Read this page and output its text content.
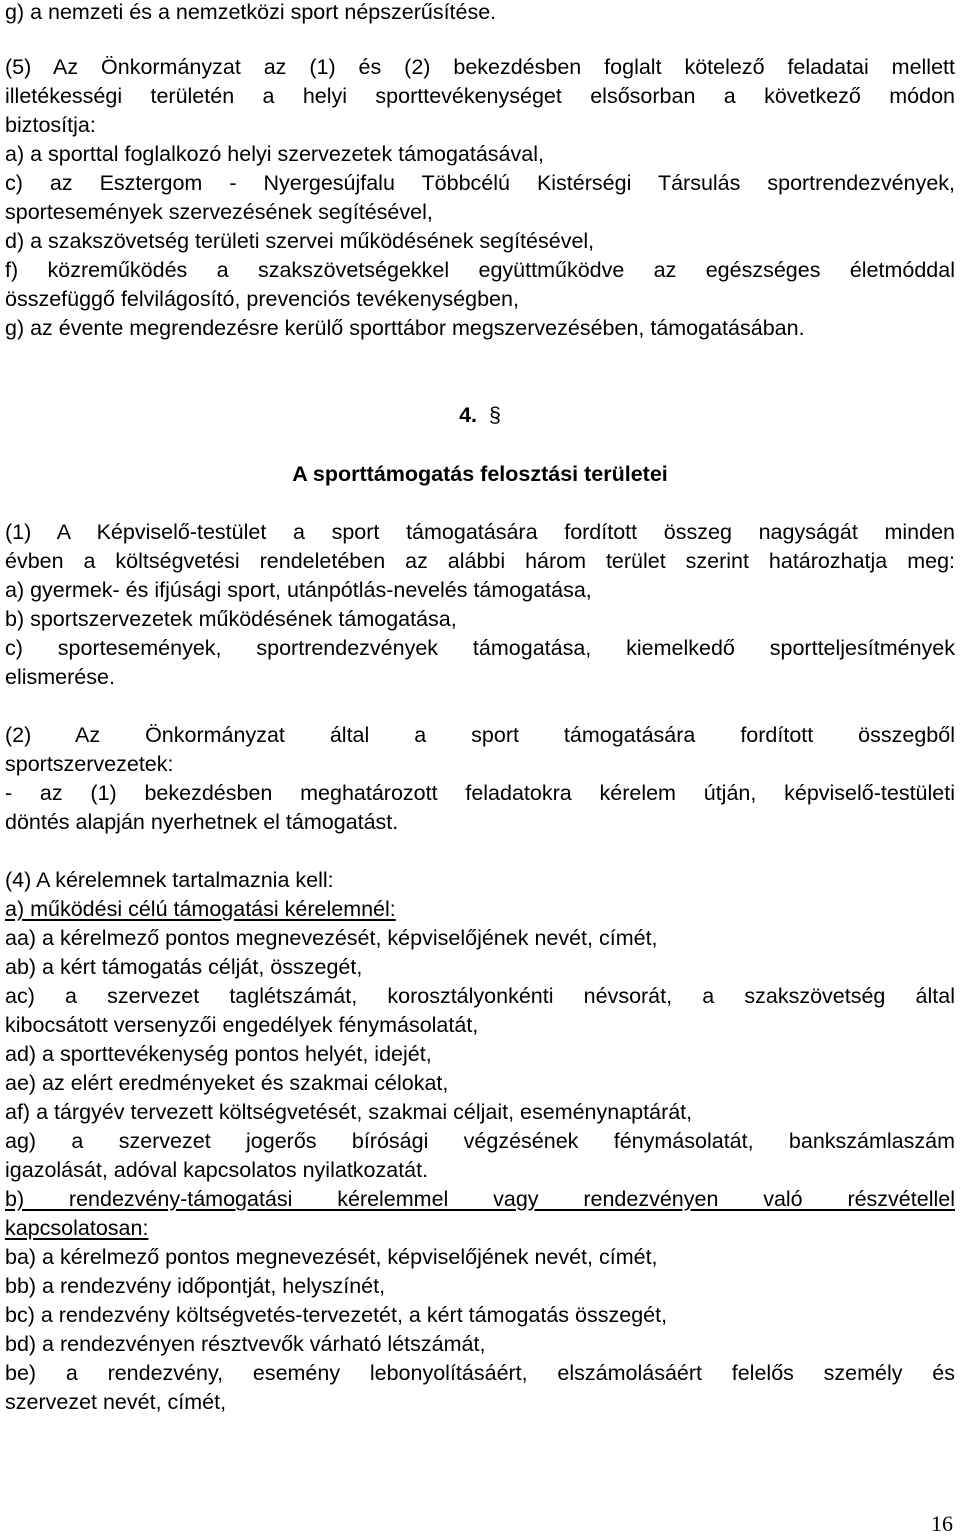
g) a nemzeti és a nemzetközi sport népszerűsítése.
(5) Az Önkormányzat az (1) és (2) bekezdésben foglalt kötelező feladatai mellett
illetékességi területén a helyi sporttevékenységet elsősorban a következő módon
biztosítja:
a) a sporttal foglalkozó helyi szervezetek támogatásával,
c) az Esztergom - Nyergesújfalu Többcélú Kistérségi Társulás sportrendezvények,
sportesemények szervezésének segítésével,
d) a szakszövetség területi szervei működésének segítésével,
f) közreműködés a szakszövetségekkel együttműködve az egészséges életmóddal
összefüggő felvilágosító, prevenciós tevékenységben,
g) az évente megrendezésre kerülő sporttábor megszervezésében, támogatásában.
4.  §
A sporttámogatás felosztási területei
(1) A Képviselő-testület a sport támogatására fordított összeg nagyságát minden
évben a költségvetési rendeletében az alábbi három terület szerint határozhatja meg:
a) gyermek- és ifjúsági sport, utánpótlás-nevelés támogatása,
b) sportszervezetek működésének támogatása,
c) sportesemények, sportrendezvények támogatása, kiemelkedő sportteljesítmények
elismerése.
(2) Az Önkormányzat által a sport támogatására fordított összegből
sportszervezetek:
- az (1) bekezdésben meghatározott feladatokra kérelem útján, képviselő-testületi
döntés alapján nyerhetnek el támogatást.
(4) A kérelemnek tartalmaznia kell:
a) működési célú támogatási kérelemnél:
aa) a kérelmező pontos megnevezését, képviselőjének nevét, címét,
ab) a kért támogatás célját, összegét,
ac) a szervezet taglétszámát, korosztályonkénti névsorát, a szakszövetség által
kibocsátott versenyzői engedélyek fénymásolatát,
ad) a sporttevékenység pontos helyét, idejét,
ae) az elért eredményeket és szakmai célokat,
af) a tárgyév tervezett költségvetését, szakmai céljait, eseménynaptárát,
ag) a szervezet jogerős bírósági végzésének fénymásolatát, bankszámlaszám
igazolását, adóval kapcsolatos nyilatkozatát.
b) rendezvény-támogatási kérelemmel vagy rendezvényen való részvétellel
kapcsolatosan:
ba) a kérelmező pontos megnevezését, képviselőjének nevét, címét,
bb) a rendezvény időpontját, helyszínét,
bc) a rendezvény költségvetés-tervezetét, a kért támogatás összegét,
bd) a rendezvényen résztvevők várható létszámát,
be) a rendezvény, esemény lebonyolításáért, elszámolásáért felelős személy és
szervezet nevét, címét,
16
